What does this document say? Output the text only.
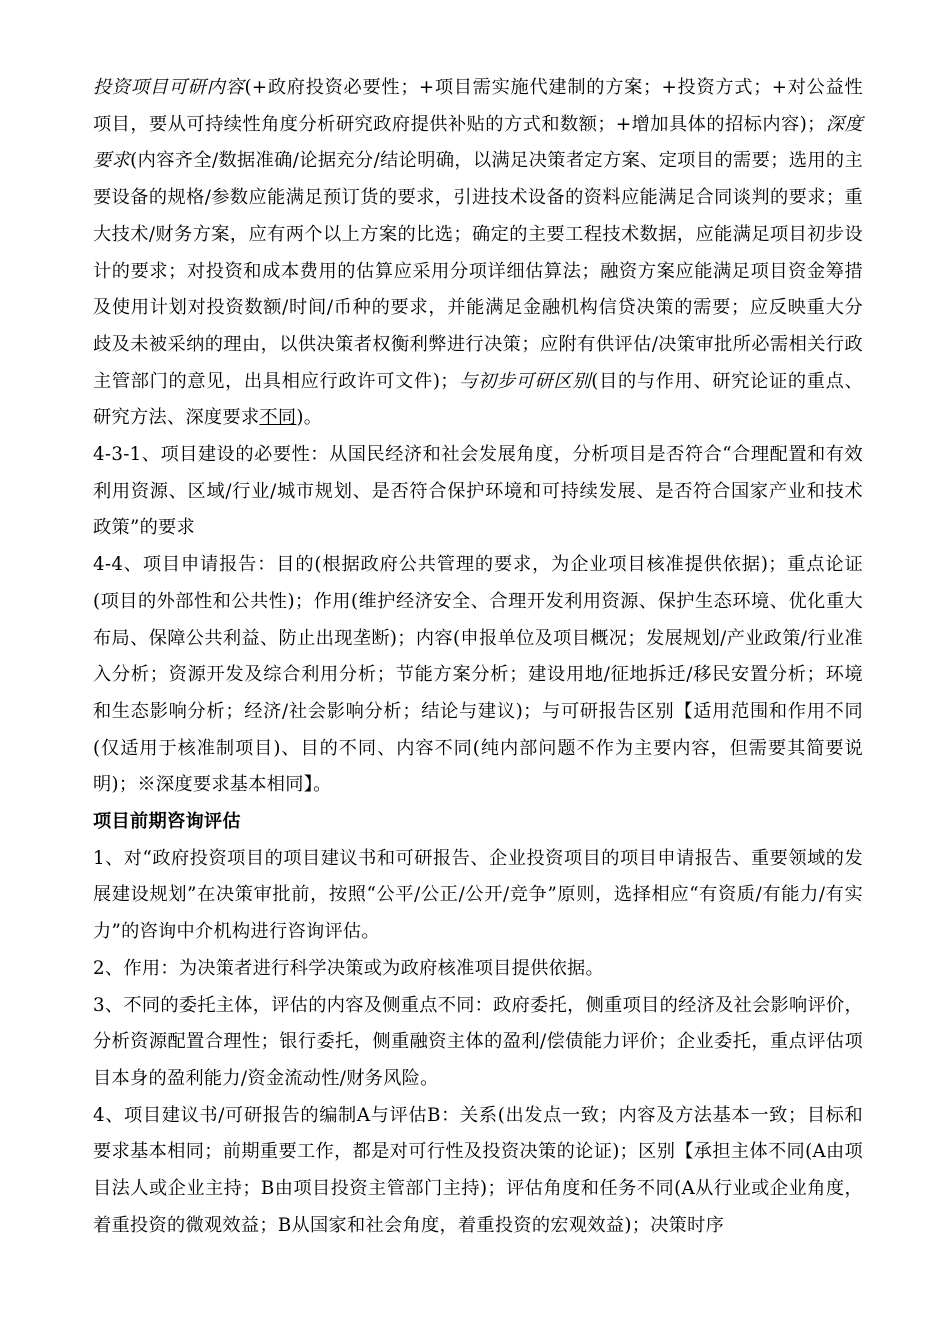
投资项目可研内容(+政府投资必要性；+项目需实施代建制的方案；+投资方式；+对公益性项目，要从可持续性角度分析研究政府提供补贴的方式和数额；+增加具体的招标内容)；深度要求(内容齐全/数据准确/论据充分/结论明确，以满足决策者定方案、定项目的需要；选用的主要设备的规格/参数应能满足预订货的要求，引进技术设备的资料应能满足合同谈判的要求；重大技术/财务方案，应有两个以上方案的比选；确定的主要工程技术数据，应能满足项目初步设计的要求；对投资和成本费用的估算应采用分项详细估算法；融资方案应能满足项目资金筹措及使用计划对投资数额/时间/币种的要求，并能满足金融机构信贷决策的需要；应反映重大分歧及未被采纳的理由，以供决策者权衡利弊进行决策；应附有供评估/决策审批所必需相关行政主管部门的意见，出具相应行政许可文件)；与初步可研区别(目的与作用、研究论证的重点、研究方法、深度要求不同)。

4-3-1、项目建设的必要性：从国民经济和社会发展角度，分析项目是否符合“合理配置和有效利用资源、区域/行业/城市规划、是否符合保护环境和可持续发展、是否符合国家产业和技术政策”的要求

4-4、项目申请报告：目的(根据政府公共管理的要求，为企业项目核准提供依据)；重点论证(项目的外部性和公共性)；作用(维护经济安全、合理开发利用资源、保护生态环境、优化重大布局、保障公共利益、防止出现垄断)；内容(申报单位及项目概况；发展规划/产业政策/行业准入分析；资源开发及综合利用分析；节能方案分析；建设用地/征地拆迁/移民安置分析；环境和生态影响分析；经济/社会影响分析；结论与建议)；与可研报告区别【适用范围和作用不同(仅适用于核准制项目)、目的不同、内容不同(纯内部问题不作为主要内容，但需要其简要说明)；※深度要求基本相同】。

项目前期咨询评估

1、对“政府投资项目的项目建议书和可研报告、企业投资项目的项目申请报告、重要领域的发展建设规划”在决策审批前，按照“公平/公正/公开/竞争”原则，选择相应“有资质/有能力/有实力”的咨询中介机构进行咨询评估。

2、作用：为决策者进行科学决策或为政府核准项目提供依据。

3、不同的委托主体，评估的内容及侧重点不同：政府委托，侧重项目的经济及社会影响评价，分析资源配置合理性；银行委托，侧重融资主体的盈利/偿债能力评价；企业委托，重点评估项目本身的盈利能力/资金流动性/财务风险。

4、项目建议书/可研报告的编制A与评估B：关系(出发点一致；内容及方法基本一致；目标和要求基本相同；前期重要工作，都是对可行性及投资决策的论证)；区别【承担主体不同(A由项目法人或企业主持；B由项目投资主管部门主持)；评估角度和任务不同(A从行业或企业角度，着重投资的微观效益；B从国家和社会角度，着重投资的宏观效益)；决策时序
